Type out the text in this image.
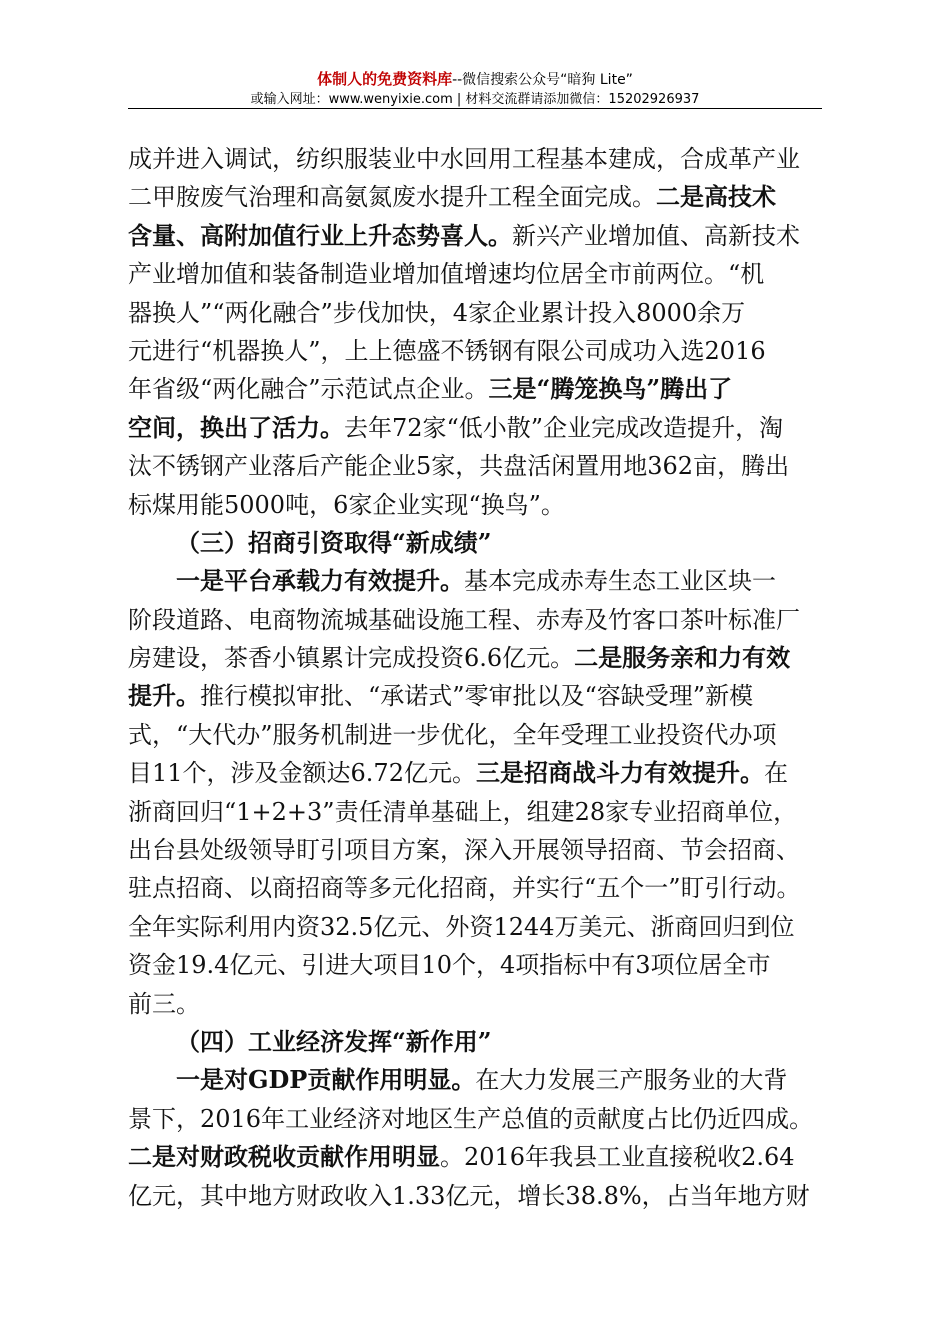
体制人的免费资料库--微信搜索公众号“暗狗 Lite”
或输入网址：www.wenyixie.com | 材料交流群请添加微信：15202926937
成并进入调试，纺织服装业中水回用工程基本建成，合成革产业
二甲胺废气治理和高氨氮废水提升工程全面完成。二是高技术
含量、高附加值行业上升态势喜人。新兴产业增加值、高新技术
产业增加值和装备制造业增加值增速均位居全市前两位。“机
器换人”“两化融合”步伐加快，4家企业累计投入8000余万
元进行“机器换人”，上上德盛不锈钢有限公司成功入选2016
年省级“两化融合”示范试点企业。三是“腾笼换鸟”腾出了
空间，换出了活力。去年72家“低小散”企业完成改造提升，淘
汰不锈钢产业落后产能企业5家，共盘活闲置用地362亩，腾出
标煤用能5000吨，6家企业实现“换鸟”。
（三）招商引资取得“新成绩”
一是平台承载力有效提升。基本完成赤寿生态工业区块一
阶段道路、电商物流城基础设施工程、赤寿及竹客口茶叶标准厂
房建设，茶香小镇累计完成投资6.6亿元。二是服务亲和力有效
提升。推行模拟审批、“承诺式”零审批以及“容缺受理”新模
式，“大代办”服务机制进一步优化，全年受理工业投资代办项
目11个，涉及金额达6.72亿元。三是招商战斗力有效提升。在
浙商回归“1+2+3”责任清单基础上，组建28家专业招商单位，
出台县处级领导盯引项目方案，深入开展领导招商、节会招商、
驻点招商、以商招商等多元化招商，并实行“五个一”盯引行动。
全年实际利用内资32.5亿元、外资1244万美元、浙商回归到位
资金19.4亿元、引进大项目10个，4项指标中有3项位居全市
前三。
（四）工业经济发挥“新作用”
一是对GDP贡献作用明显。在大力发展三产服务业的大背
景下，2016年工业经济对地区生产总值的贡献度占比仍近四成。
二是对财政税收贡献作用明显。2016年我县工业直接税收2.64
亿元，其中地方财政收入1.33亿元，增长38.8%，占当年地方财
